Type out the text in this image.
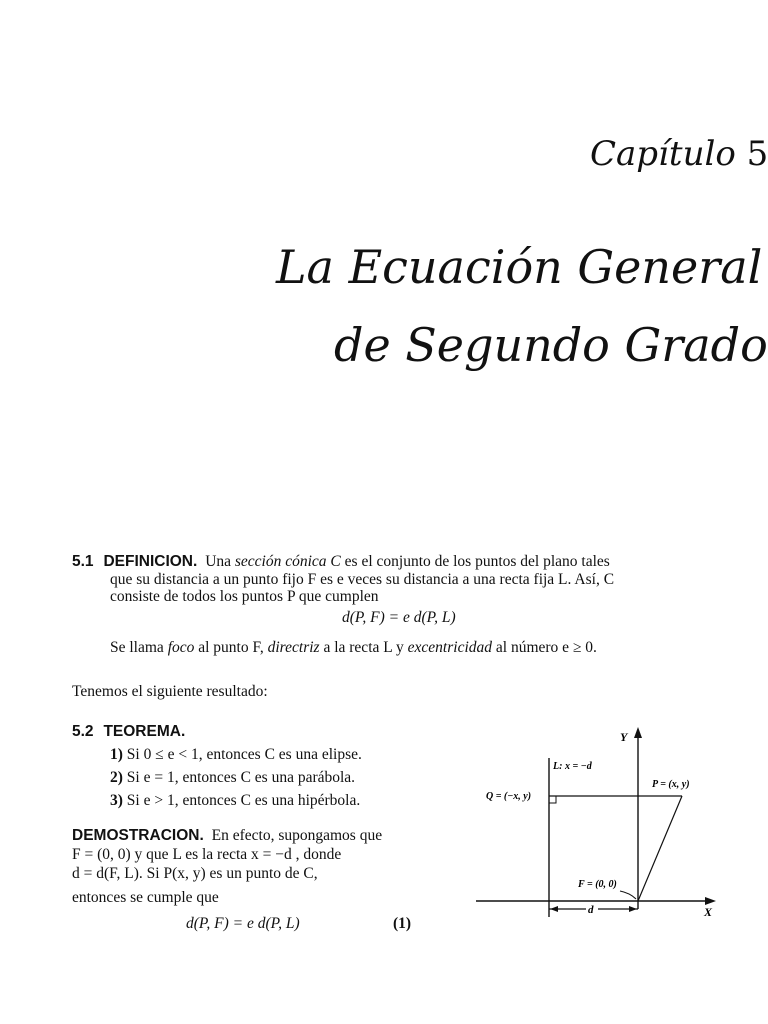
Capítulo 5
La Ecuación General
de Segundo Grado
5.1 DEFINICION. Una sección cónica C es el conjunto de los puntos del plano tales
que su distancia a un punto fijo F es e veces su distancia a una recta fija L. Así, C
consiste de todos los puntos P que cumplen
d(P, F) = e d(P, L)
Se llama foco al punto F, directriz a la recta L y excentricidad al número e ≥ 0.
Tenemos el siguiente resultado:
5.2 TEOREMA.
1) Si 0 ≤ e < 1, entonces C es una elipse.
2) Si e = 1, entonces C es una parábola.
3) Si e > 1, entonces C es una hipérbola.
DEMOSTRACION. En efecto, supongamos que
F = (0, 0) y que L es la recta x = −d , donde
d = d(F, L). Si P(x, y) es un punto de C,
entonces se cumple que
d(P, F) = e d(P, L)	(1)
Y
X
L: x = −d
Q = (−x, y)
P = (x, y)
F = (0, 0)
d
